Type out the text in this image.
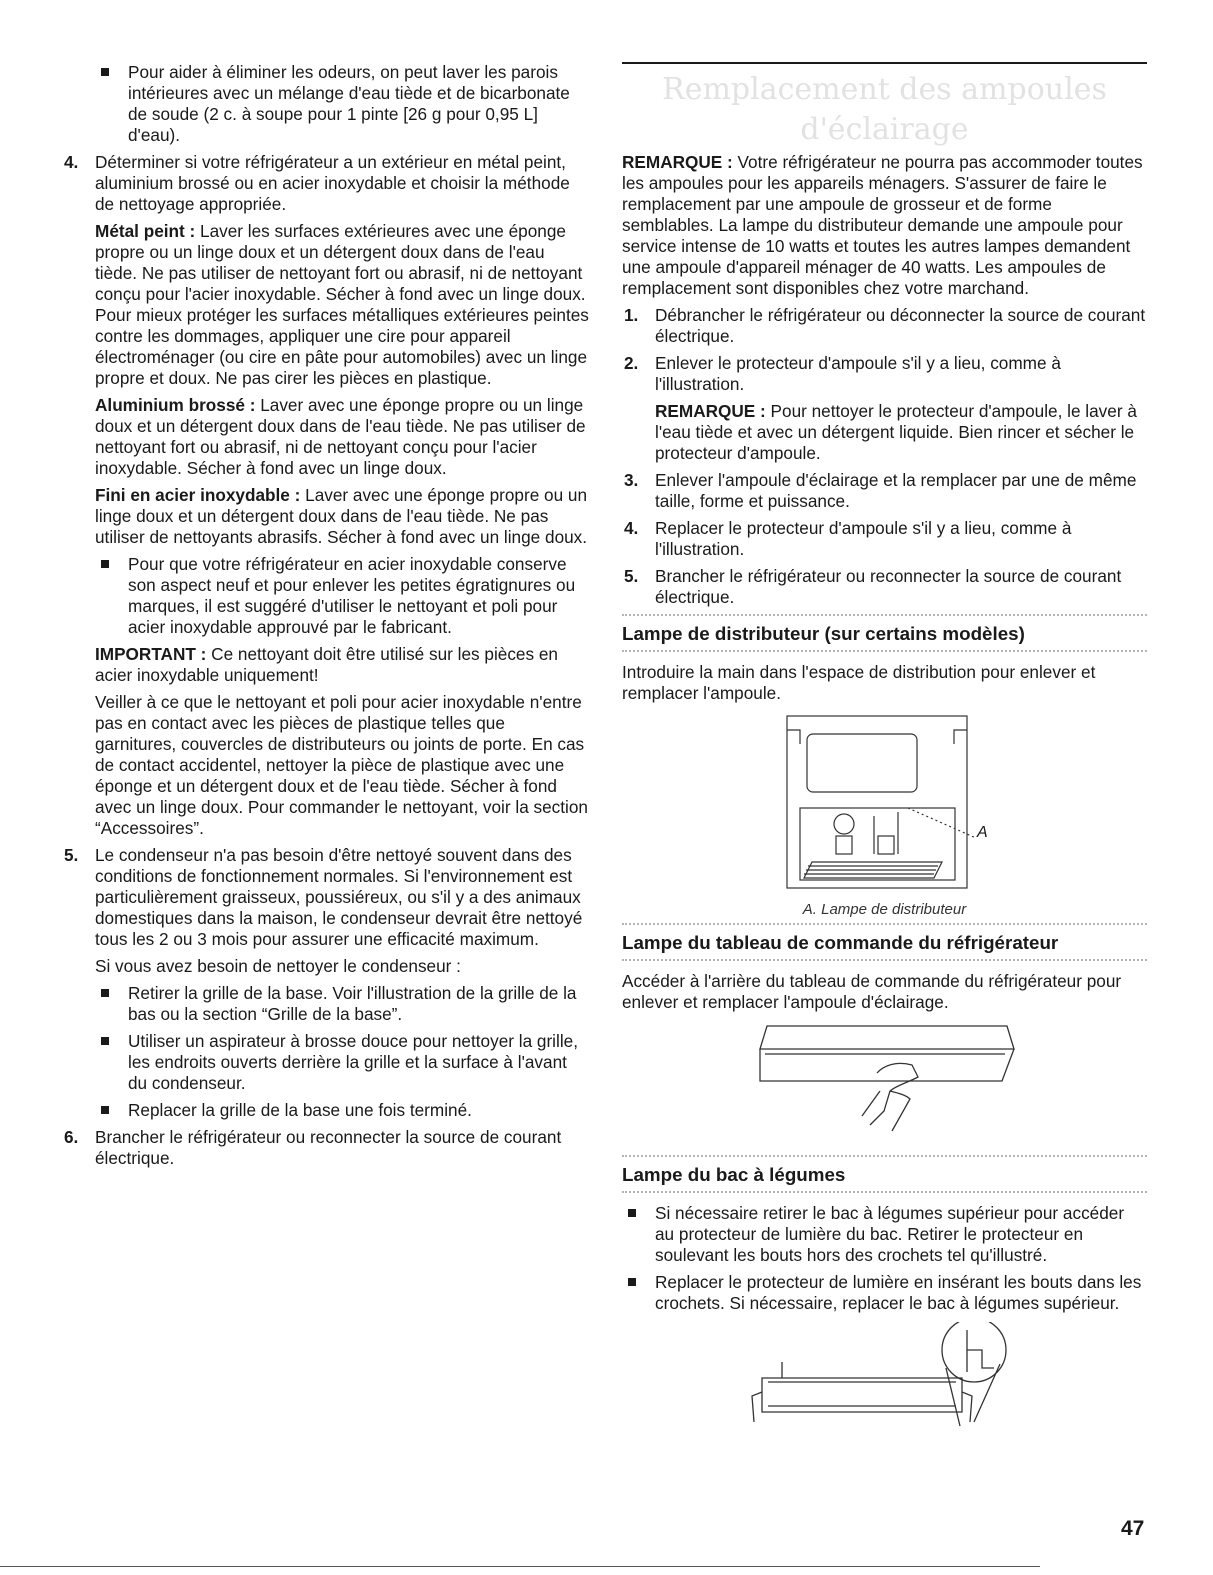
Pour aider à éliminer les odeurs, on peut laver les parois intérieures avec un mélange d'eau tiède et de bicarbonate de soude (2 c. à soupe pour 1 pinte [26 g pour 0,95 L] d'eau).
4. Déterminer si votre réfrigérateur a un extérieur en métal peint, aluminium brossé ou en acier inoxydable et choisir la méthode de nettoyage appropriée.

Métal peint : Laver les surfaces extérieures avec une éponge propre ou un linge doux et un détergent doux dans de l'eau tiède. Ne pas utiliser de nettoyant fort ou abrasif, ni de nettoyant conçu pour l'acier inoxydable. Sécher à fond avec un linge doux. Pour mieux protéger les surfaces métalliques extérieures peintes contre les dommages, appliquer une cire pour appareil électroménager (ou cire en pâte pour automobiles) avec un linge propre et doux. Ne pas cirer les pièces en plastique.

Aluminium brossé : Laver avec une éponge propre ou un linge doux et un détergent doux dans de l'eau tiède. Ne pas utiliser de nettoyant fort ou abrasif, ni de nettoyant conçu pour l'acier inoxydable. Sécher à fond avec un linge doux.

Fini en acier inoxydable : Laver avec une éponge propre ou un linge doux et un détergent doux dans de l'eau tiède. Ne pas utiliser de nettoyants abrasifs. Sécher à fond avec un linge doux.

Pour que votre réfrigérateur en acier inoxydable conserve son aspect neuf et pour enlever les petites égratignures ou marques, il est suggéré d'utiliser le nettoyant et poli pour acier inoxydable approuvé par le fabricant.

IMPORTANT : Ce nettoyant doit être utilisé sur les pièces en acier inoxydable uniquement!

Veiller à ce que le nettoyant et poli pour acier inoxydable n'entre pas en contact avec les pièces de plastique telles que garnitures, couvercles de distributeurs ou joints de porte. En cas de contact accidentel, nettoyer la pièce de plastique avec une éponge et un détergent doux et de l'eau tiède. Sécher à fond avec un linge doux. Pour commander le nettoyant, voir la section “Accessoires”.

5. Le condenseur n'a pas besoin d'être nettoyé souvent dans des conditions de fonctionnement normales. Si l'environnement est particulièrement graisseux, poussiéreux, ou s'il y a des animaux domestiques dans la maison, le condenseur devrait être nettoyé tous les 2 ou 3 mois pour assurer une efficacité maximum.

Si vous avez besoin de nettoyer le condenseur :

Retirer la grille de la base. Voir l'illustration de la grille de la bas ou la section “Grille de la base”.
Utiliser un aspirateur à brosse douce pour nettoyer la grille, les endroits ouverts derrière la grille et la surface à l'avant du condenseur.
Replacer la grille de la base une fois terminé.
6. Brancher le réfrigérateur ou reconnecter la source de courant électrique.

Remplacement des ampoules d'éclairage

REMARQUE : Votre réfrigérateur ne pourra pas accommoder toutes les ampoules pour les appareils ménagers. S'assurer de faire le remplacement par une ampoule de grosseur et de forme semblables. La lampe du distributeur demande une ampoule pour service intense de 10 watts et toutes les autres lampes demandent une ampoule d'appareil ménager de 40 watts. Les ampoules de remplacement sont disponibles chez votre marchand.

1. Débrancher le réfrigérateur ou déconnecter la source de courant électrique.
2. Enlever le protecteur d'ampoule s'il y a lieu, comme à l'illustration.

REMARQUE : Pour nettoyer le protecteur d'ampoule, le laver à l'eau tiède et avec un détergent liquide. Bien rincer et sécher le protecteur d'ampoule.

3. Enlever l'ampoule d'éclairage et la remplacer par une de même taille, forme et puissance.
4. Replacer le protecteur d'ampoule s'il y a lieu, comme à l'illustration.
5. Brancher le réfrigérateur ou reconnecter la source de courant électrique.
Lampe de distributeur (sur certains modèles)

Introduire la main dans l'espace de distribution pour enlever et remplacer l'ampoule.

A
A. Lampe de distributeur
Lampe du tableau de commande du réfrigérateur

Accéder à l'arrière du tableau de commande du réfrigérateur pour enlever et remplacer l'ampoule d'éclairage.

Lampe du bac à légumes
Si nécessaire retirer le bac à légumes supérieur pour accéder au protecteur de lumière du bac. Retirer le protecteur en soulevant les bouts hors des crochets tel qu'illustré.
Replacer le protecteur de lumière en insérant les bouts dans les crochets. Si nécessaire, replacer le bac à légumes supérieur.
47
